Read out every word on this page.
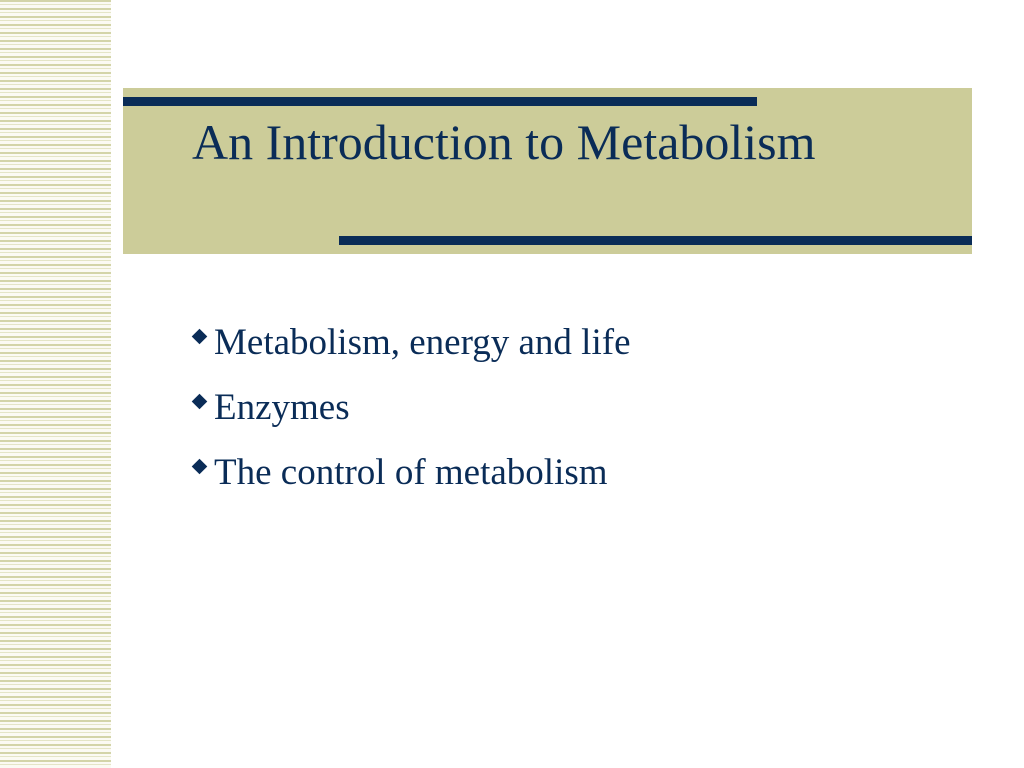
An Introduction to Metabolism
Metabolism, energy and life
Enzymes
The control of metabolism
